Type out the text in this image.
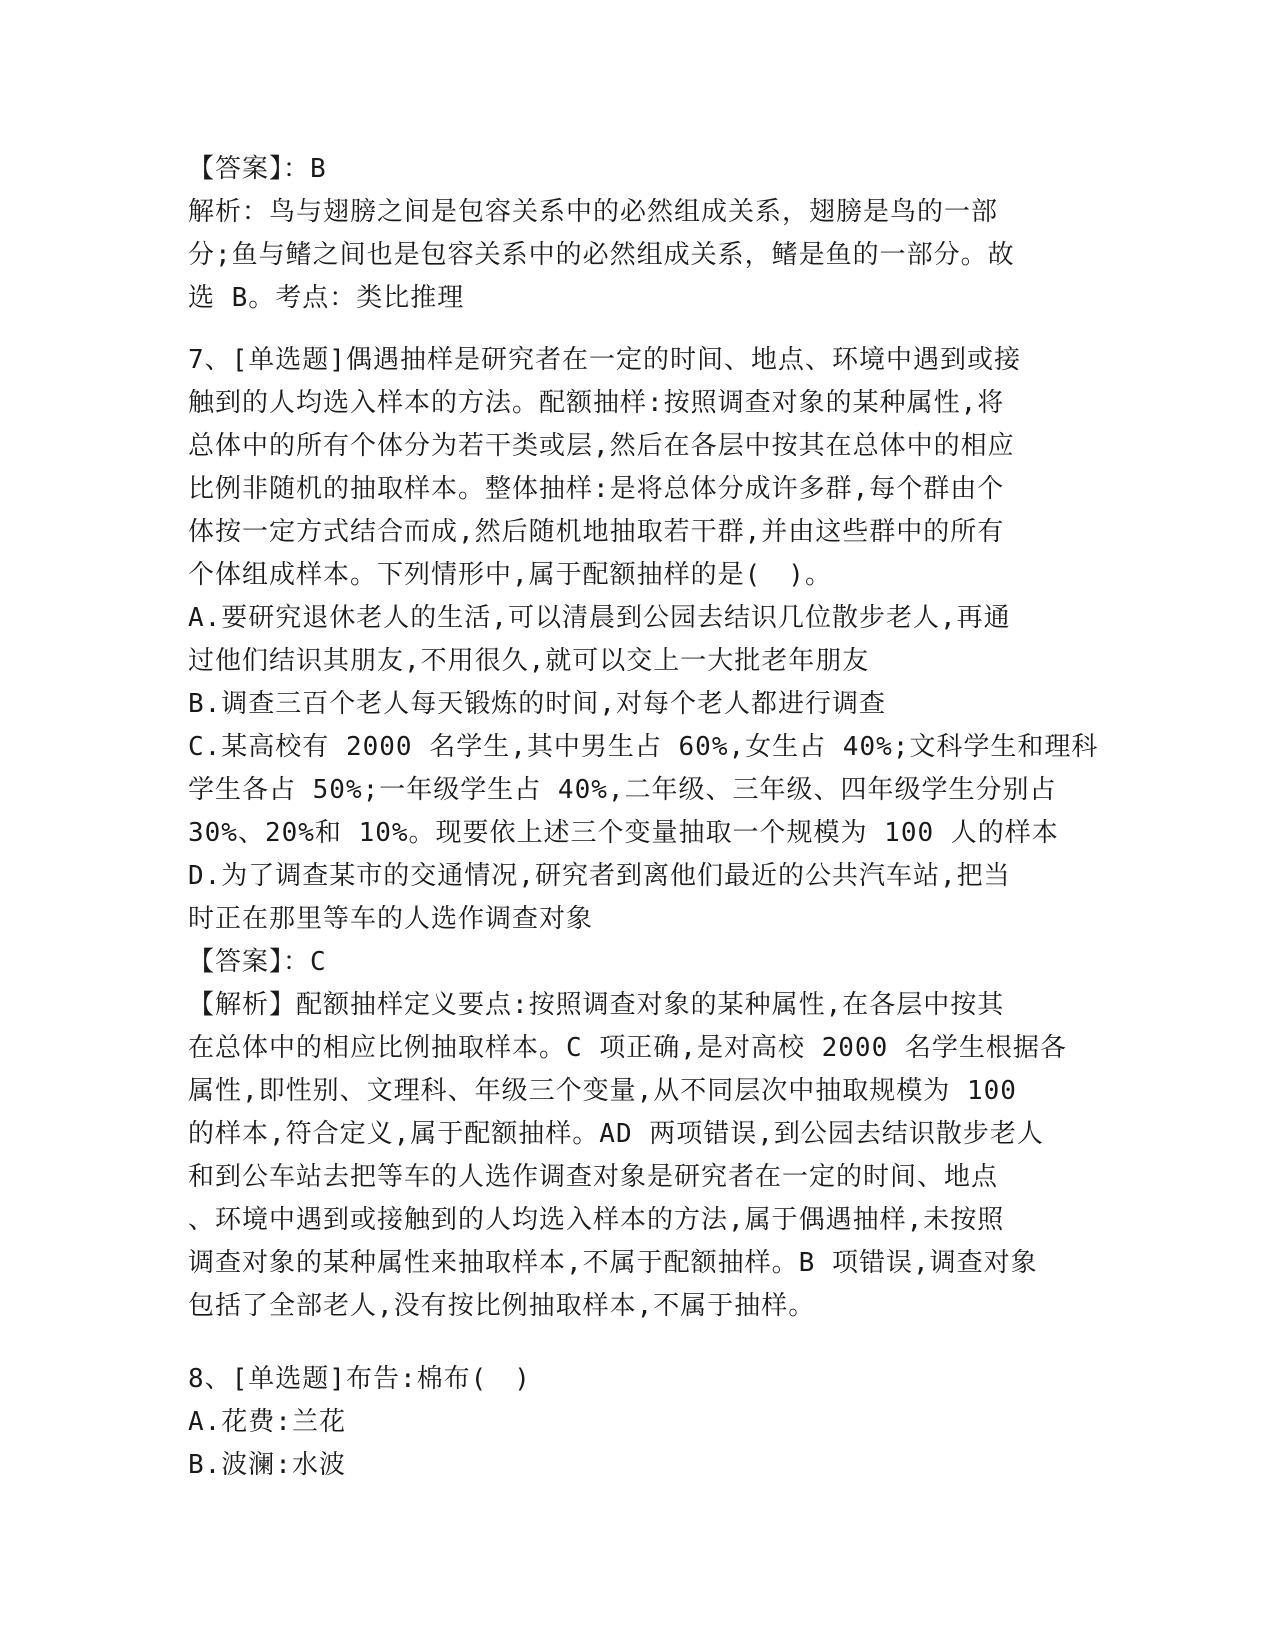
【答案】：B
解析：鸟与翅膀之间是包容关系中的必然组成关系，翅膀是鸟的一部
分;鱼与鳍之间也是包容关系中的必然组成关系，鳍是鱼的一部分。故
选 B。考点：类比推理
7、[单选题]偶遇抽样是研究者在一定的时间、地点、环境中遇到或接
触到的人均选入样本的方法。配额抽样:按照调查对象的某种属性,将
总体中的所有个体分为若干类或层,然后在各层中按其在总体中的相应
比例非随机的抽取样本。整体抽样:是将总体分成许多群,每个群由个
体按一定方式结合而成,然后随机地抽取若干群,并由这些群中的所有
个体组成样本。下列情形中,属于配额抽样的是(　)。
A.要研究退休老人的生活,可以清晨到公园去结识几位散步老人,再通
过他们结识其朋友,不用很久,就可以交上一大批老年朋友
B.调查三百个老人每天锻炼的时间,对每个老人都进行调查
C.某高校有 2000 名学生,其中男生占 60%,女生占 40%;文科学生和理科
学生各占 50%;一年级学生占 40%,二年级、三年级、四年级学生分别占
30%、20%和 10%。现要依上述三个变量抽取一个规模为 100 人的样本
D.为了调查某市的交通情况,研究者到离他们最近的公共汽车站,把当
时正在那里等车的人选作调查对象
【答案】：C
【解析】配额抽样定义要点:按照调查对象的某种属性,在各层中按其
在总体中的相应比例抽取样本。C 项正确,是对高校 2000 名学生根据各
属性,即性别、文理科、年级三个变量,从不同层次中抽取规模为 100
的样本,符合定义,属于配额抽样。AD 两项错误,到公园去结识散步老人
和到公车站去把等车的人选作调查对象是研究者在一定的时间、地点
、环境中遇到或接触到的人均选入样本的方法,属于偶遇抽样,未按照
调查对象的某种属性来抽取样本,不属于配额抽样。B 项错误,调查对象
包括了全部老人,没有按比例抽取样本,不属于抽样。
8、[单选题]布告:棉布(　)
A.花费:兰花
B.波澜:水波
